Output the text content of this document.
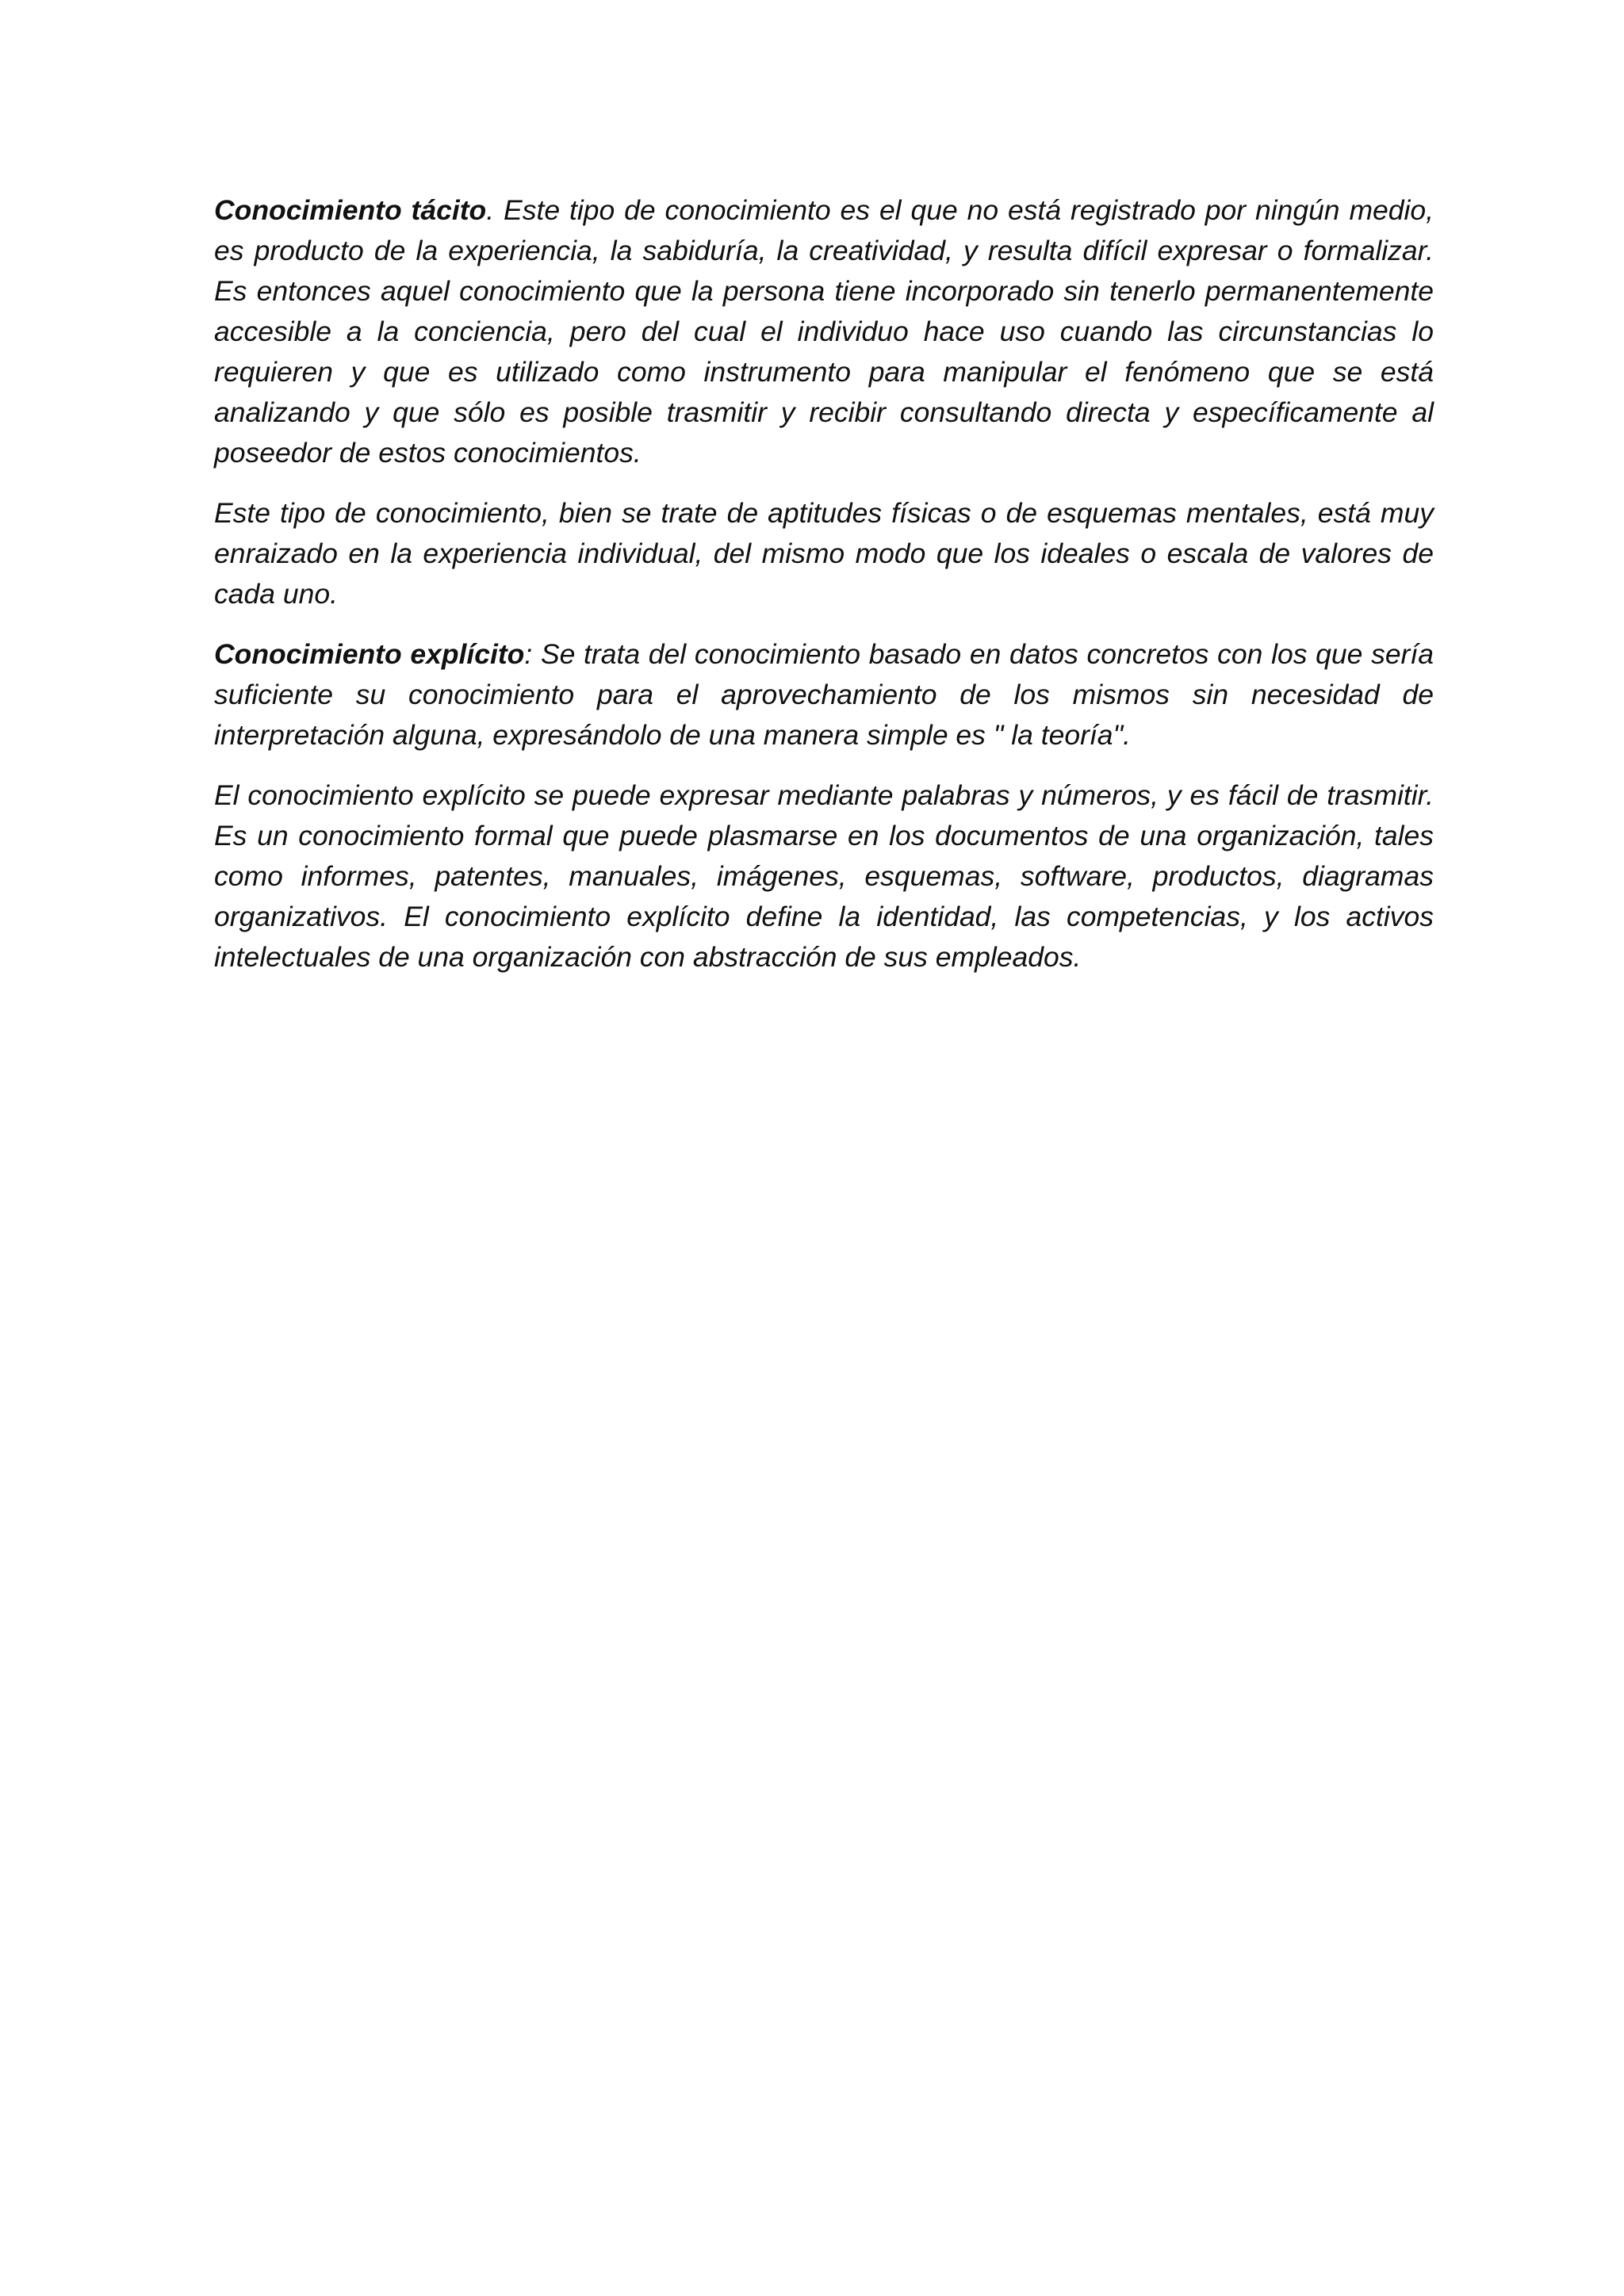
Conocimiento tácito. Este tipo de conocimiento es el que no está registrado por ningún medio, es producto de la experiencia, la sabiduría, la creatividad, y resulta difícil expresar o formalizar. Es entonces aquel conocimiento que la persona tiene incorporado sin tenerlo permanentemente accesible a la conciencia, pero del cual el individuo hace uso cuando las circunstancias lo requieren y que es utilizado como instrumento para manipular el fenómeno que se está analizando y que sólo es posible trasmitir y recibir consultando directa y específicamente al poseedor de estos conocimientos.

Este tipo de conocimiento, bien se trate de aptitudes físicas o de esquemas mentales, está muy enraizado en la experiencia individual, del mismo modo que los ideales o escala de valores de cada uno.

Conocimiento explícito: Se trata del conocimiento basado en datos concretos con los que sería suficiente su conocimiento para el aprovechamiento de los mismos sin necesidad de interpretación alguna, expresándolo de una manera simple es " la teoría".

El conocimiento explícito se puede expresar mediante palabras y números, y es fácil de trasmitir. Es un conocimiento formal que puede plasmarse en los documentos de una organización, tales como informes, patentes, manuales, imágenes, esquemas, software, productos, diagramas organizativos. El conocimiento explícito define la identidad, las competencias, y los activos intelectuales de una organización con abstracción de sus empleados.
